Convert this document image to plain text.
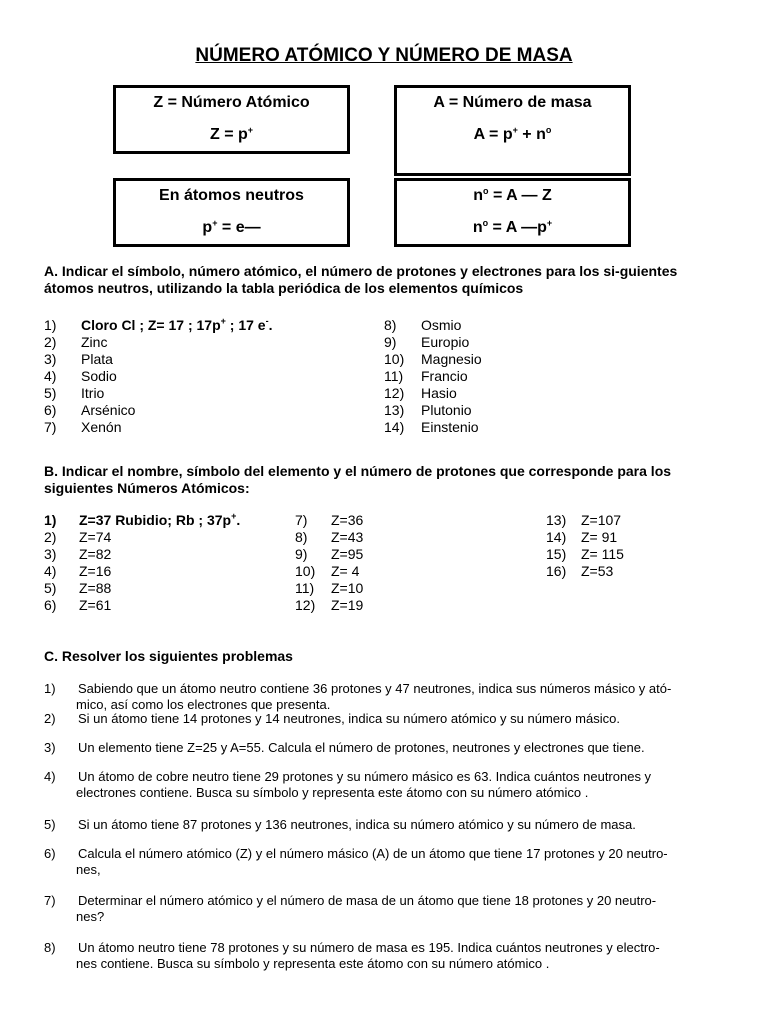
NÚMERO ATÓMICO Y NÚMERO DE MASA
Z = Número Atómico
Z = p+
A = Número de masa
$A = p^+ + n^o$
En átomos neutros
p+ = e—
$n^o = A$ — Z
$n^o = A$ —p+
A. Indicar el símbolo, número atómico, el número de protones y electrones para los si-guientes átomos neutros, utilizando la tabla periódica de los elementos químicos
1) Cloro Cl ; Z= 17 ; 17p+ ; 17 e-.
2) Zinc
3) Plata
4) Sodio
5) Itrio
6) Arsénico
7) Xenón
8) Osmio
9) Europio
10) Magnesio
11) Francio
12) Hasio
13) Plutonio
14) Einstenio
B. Indicar el nombre, símbolo del elemento y el número de protones que corresponde para los siguientes Números Atómicos:
1) Z=37 Rubidio; Rb ; 37p+.
2) Z=74
3) Z=82
4) Z=16
5) Z=88
6) Z=61
7) Z=36
8) Z=43
9) Z=95
10) Z= 4
11) Z=10
12) Z=19
13) Z=107
14) Z= 91
15) Z= 115
16) Z=53
C. Resolver los siguientes problemas
1)	Sabiendo que un átomo neutro contiene 36 protones y 47 neutrones, indica sus números másico y ató-
mico, así como los electrones que presenta.
2)	Si un átomo tiene 14 protones y 14 neutrones, indica su número atómico y su número másico.
3)	Un elemento tiene Z=25 y A=55. Calcula el número de protones, neutrones y electrones que tiene.
4)	Un átomo de cobre neutro tiene 29 protones y su número másico es 63. Indica cuántos neutrones y
electrones contiene. Busca su símbolo y representa este átomo con su número atómico .
5)	Si un átomo tiene 87 protones y 136 neutrones, indica su número atómico y su número de masa.
6)	Calcula el número atómico (Z) y el número másico (A) de un átomo que tiene 17 protones y 20 neutro-
nes,
7)	Determinar el número atómico y el número de masa de un átomo que tiene 18 protones y 20 neutro-
nes?
8)	Un átomo neutro tiene 78 protones y su número de masa es 195. Indica cuántos neutrones y electro-
nes contiene. Busca su símbolo y representa este átomo con su número atómico .
